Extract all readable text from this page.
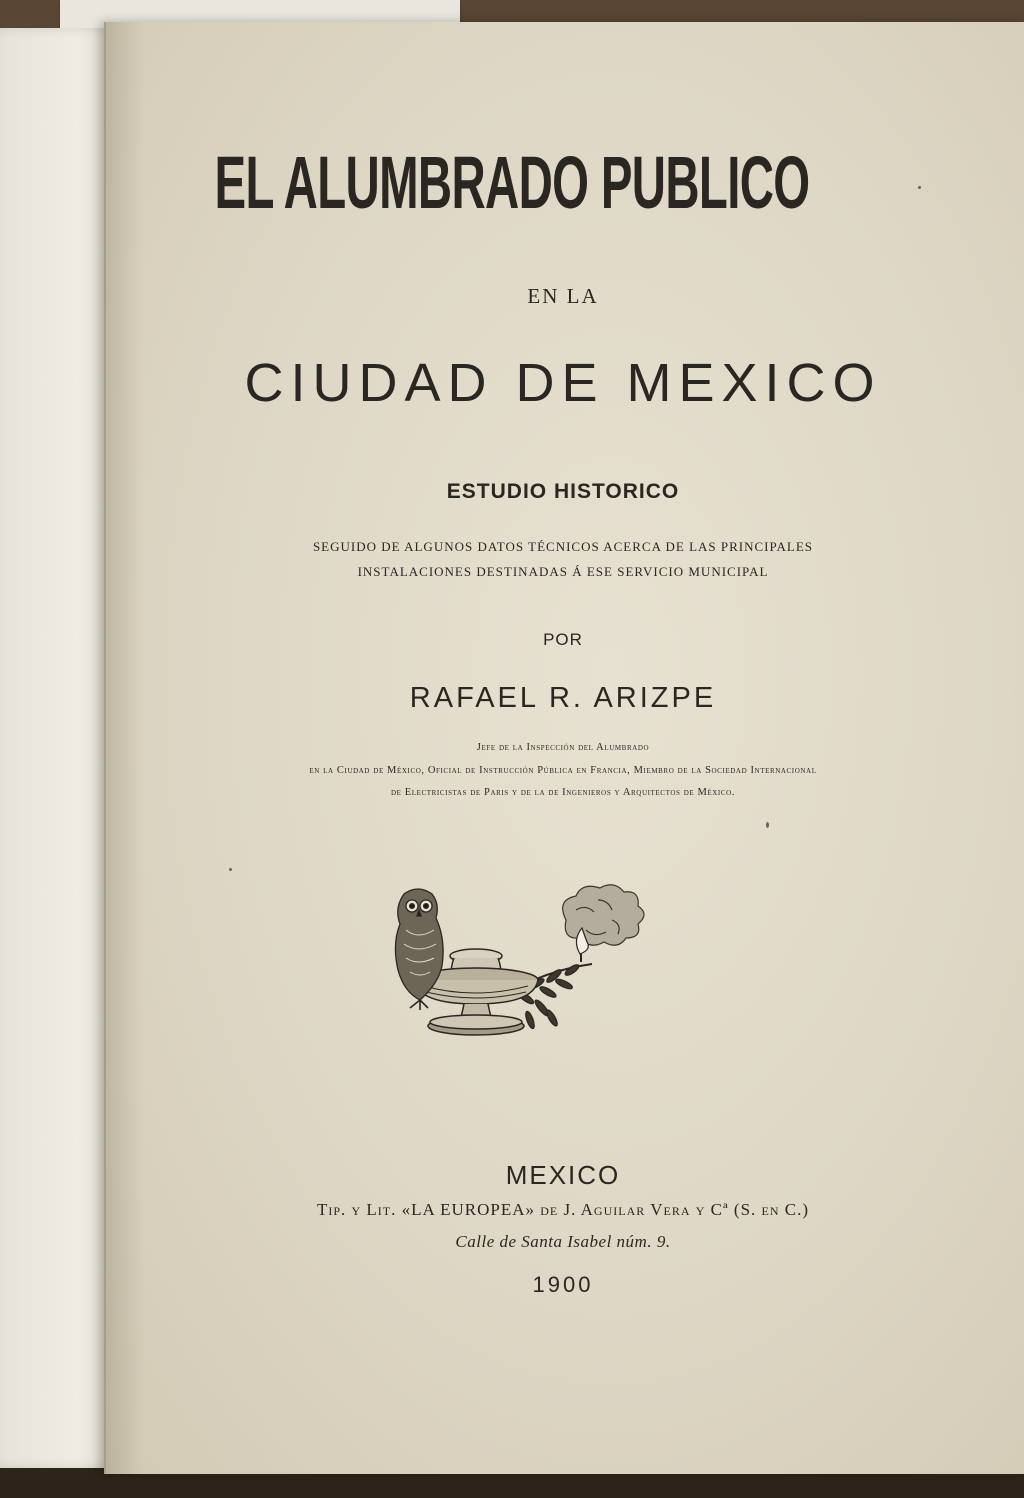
EL ALUMBRADO PUBLICO
EN LA
CIUDAD DE MEXICO
ESTUDIO HISTORICO
SEGUIDO DE ALGUNOS DATOS TÉCNICOS ACERCA DE LAS PRINCIPALES
INSTALACIONES DESTINADAS Á ESE SERVICIO MUNICIPAL
POR
RAFAEL R. ARIZPE
Jefe de la Inspección del Alumbrado
en la Ciudad de México, Oficial de Instrucción Pública en Francia, Miembro de la Sociedad Internacional
de Electricistas de Paris y de la de Ingenieros y Arquitectos de México.
MEXICO
Tip. y Lit. «LA EUROPEA» de J. Aguilar Vera y Cª (S. en C.)
Calle de Santa Isabel núm. 9.
1900
